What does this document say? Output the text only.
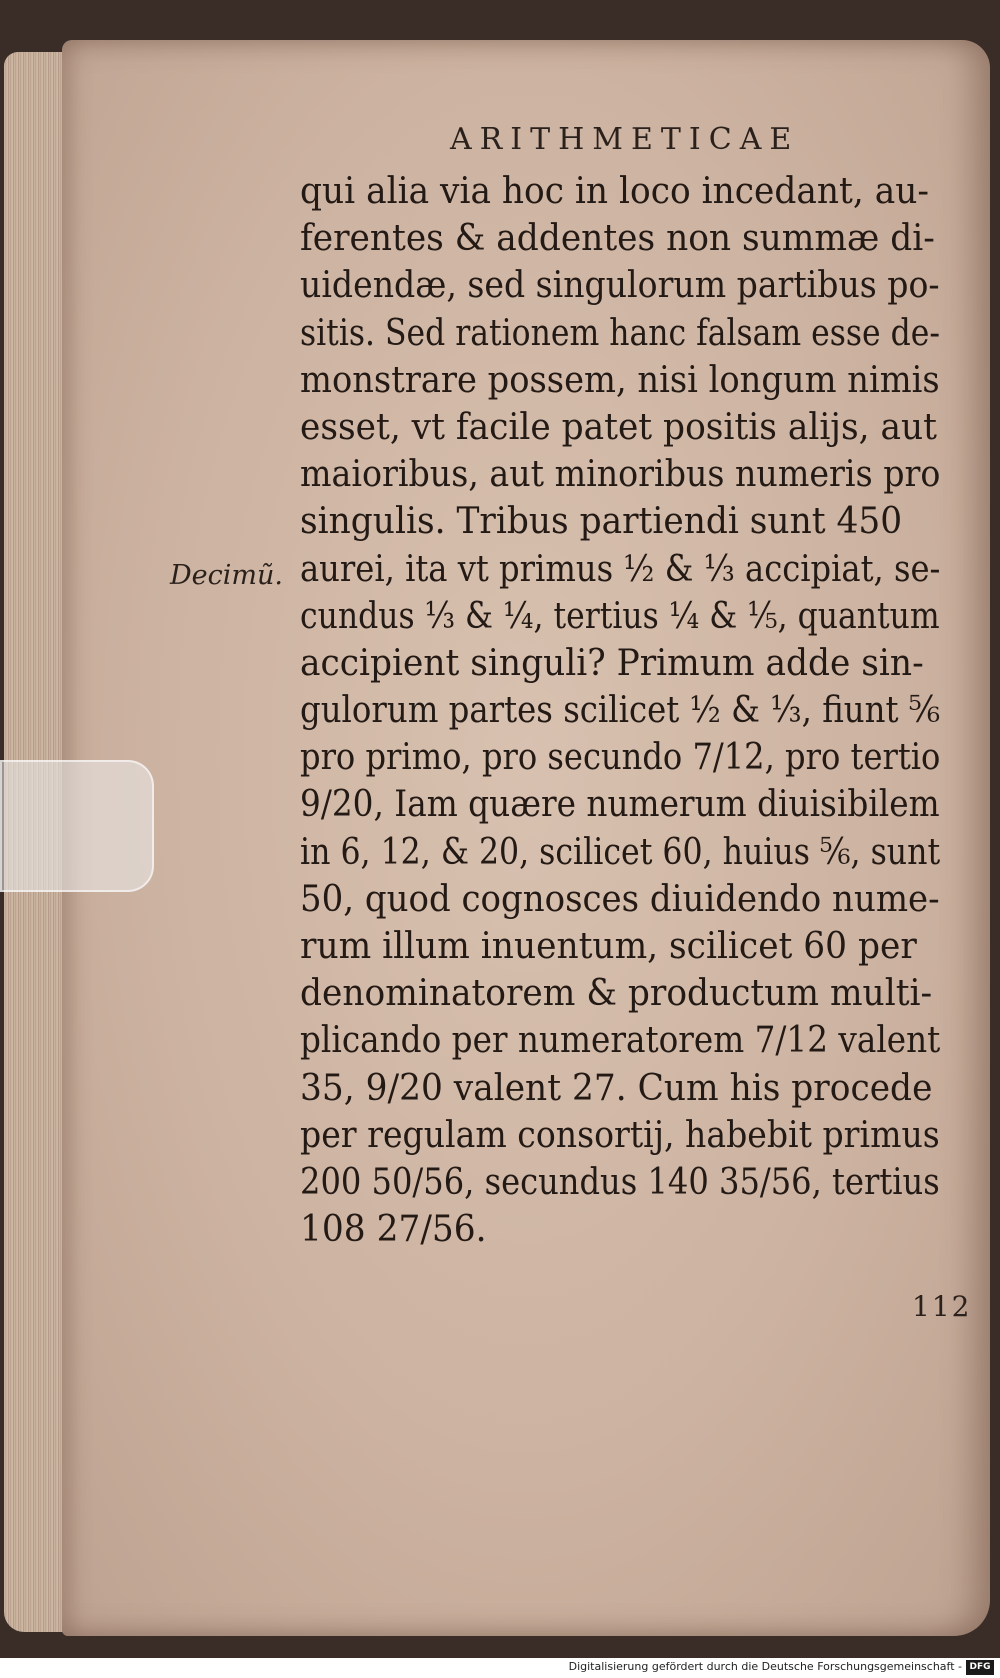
ARITHMETICAE
Decimũ.
qui alia via hoc in loco incedant, au-
ferentes & addentes non summæ di-
uidendæ, sed singulorum partibus po-
sitis. Sed rationem hanc falsam esse de-
monstrare possem, nisi longum nimis
esset, vt facile patet positis alijs, aut
maioribus, aut minoribus numeris pro
singulis. Tribus partiendi sunt 450
aurei, ita vt primus ½ & ⅓ accipiat, se-
cundus ⅓ & ¼, tertius ¼ & ⅕, quantum
accipient singuli? Primum adde sin-
gulorum partes scilicet ½ & ⅓, fiunt ⅚
pro primo, pro secundo 7/12, pro tertio
9/20, Iam quære numerum diuisibilem
in 6, 12, & 20, scilicet 60, huius ⅚, sunt
50, quod cognosces diuidendo nume-
rum illum inuentum, scilicet 60 per
denominatorem & productum multi-
plicando per numeratorem 7/12 valent
35, 9/20 valent 27. Cum his procede
per regulam consortij, habebit primus
200 50/56, secundus 140 35/56, tertius
108 27/56.
112
Digitalisierung gefördert durch die Deutsche Forschungsgemeinschaft - DFG
